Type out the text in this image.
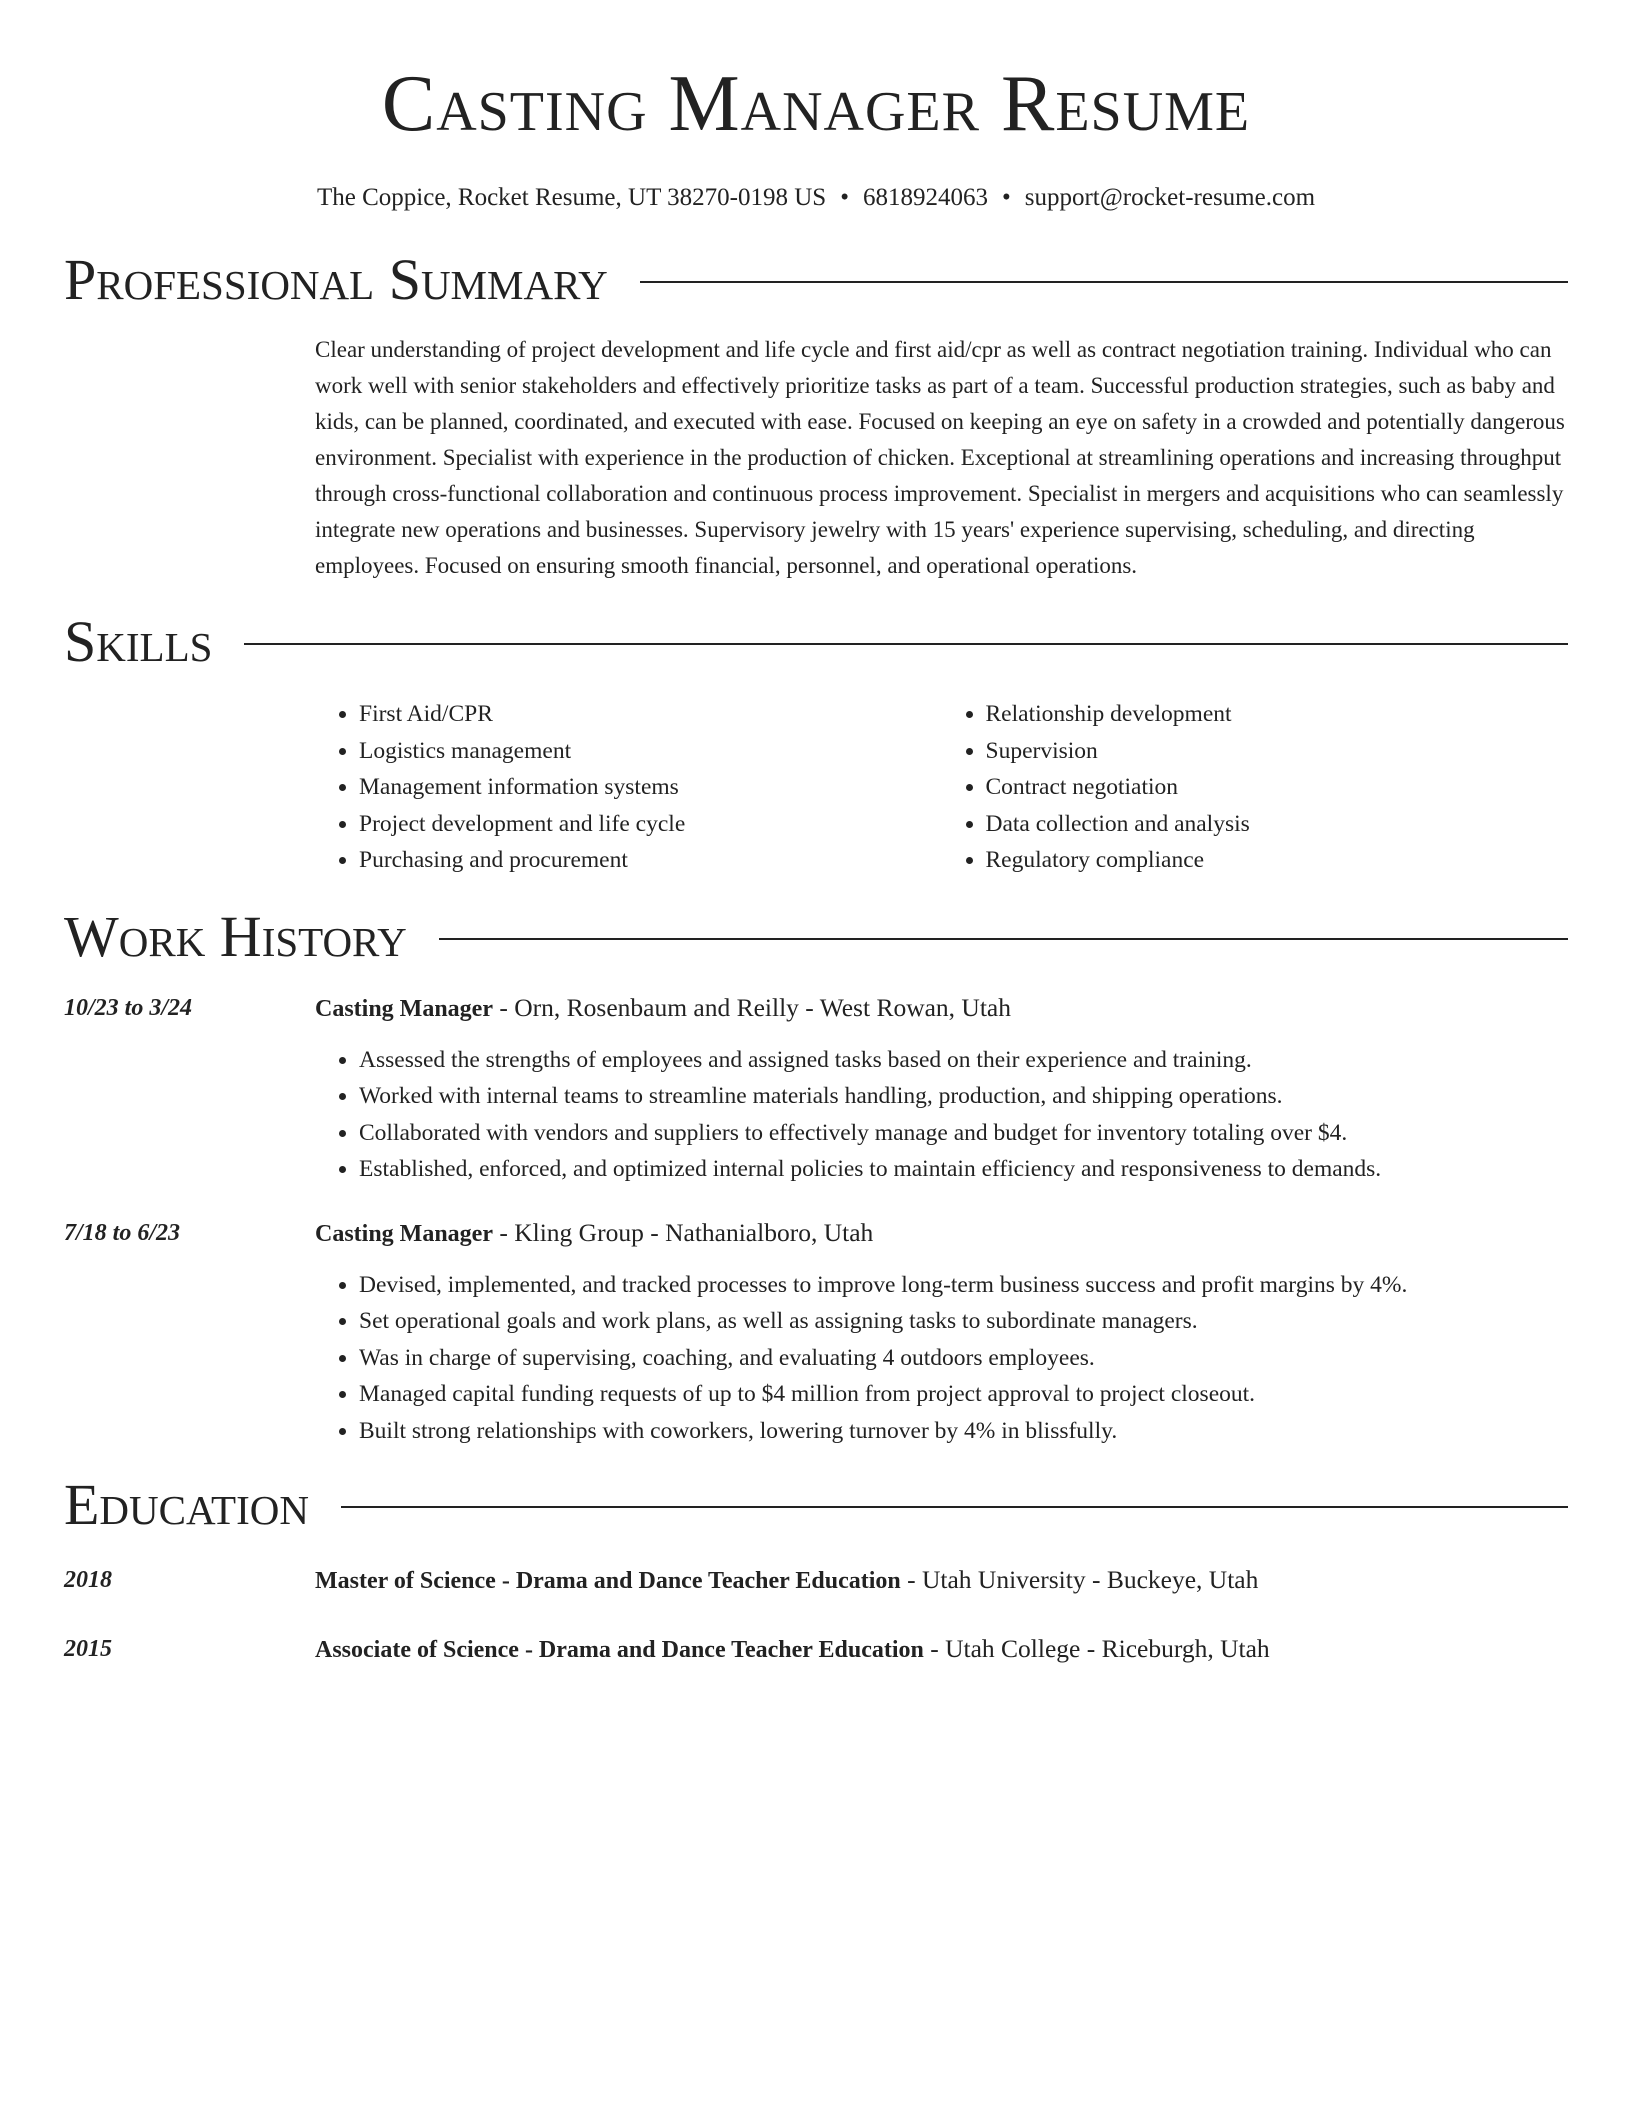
Casting Manager Resume
The Coppice, Rocket Resume, UT 38270-0198 US • 6818924063 • support@rocket-resume.com
Professional Summary
Clear understanding of project development and life cycle and first aid/cpr as well as contract negotiation training. Individual who can work well with senior stakeholders and effectively prioritize tasks as part of a team. Successful production strategies, such as baby and kids, can be planned, coordinated, and executed with ease. Focused on keeping an eye on safety in a crowded and potentially dangerous environment. Specialist with experience in the production of chicken. Exceptional at streamlining operations and increasing throughput through cross-functional collaboration and continuous process improvement. Specialist in mergers and acquisitions who can seamlessly integrate new operations and businesses. Supervisory jewelry with 15 years' experience supervising, scheduling, and directing employees. Focused on ensuring smooth financial, personnel, and operational operations.
Skills
• First Aid/CPR
• Logistics management
• Management information systems
• Project development and life cycle
• Purchasing and procurement
• Relationship development
• Supervision
• Contract negotiation
• Data collection and analysis
• Regulatory compliance
Work History
10/23 to 3/24	Casting Manager - Orn, Rosenbaum and Reilly - West Rowan, Utah
• Assessed the strengths of employees and assigned tasks based on their experience and training.
• Worked with internal teams to streamline materials handling, production, and shipping operations.
• Collaborated with vendors and suppliers to effectively manage and budget for inventory totaling over $4.
• Established, enforced, and optimized internal policies to maintain efficiency and responsiveness to demands.
7/18 to 6/23	Casting Manager - Kling Group - Nathanialboro, Utah
• Devised, implemented, and tracked processes to improve long-term business success and profit margins by 4%.
• Set operational goals and work plans, as well as assigning tasks to subordinate managers.
• Was in charge of supervising, coaching, and evaluating 4 outdoors employees.
• Managed capital funding requests of up to $4 million from project approval to project closeout.
• Built strong relationships with coworkers, lowering turnover by 4% in blissfully.
Education
2018	Master of Science - Drama and Dance Teacher Education - Utah University - Buckeye, Utah
2015	Associate of Science - Drama and Dance Teacher Education - Utah College - Riceburgh, Utah
